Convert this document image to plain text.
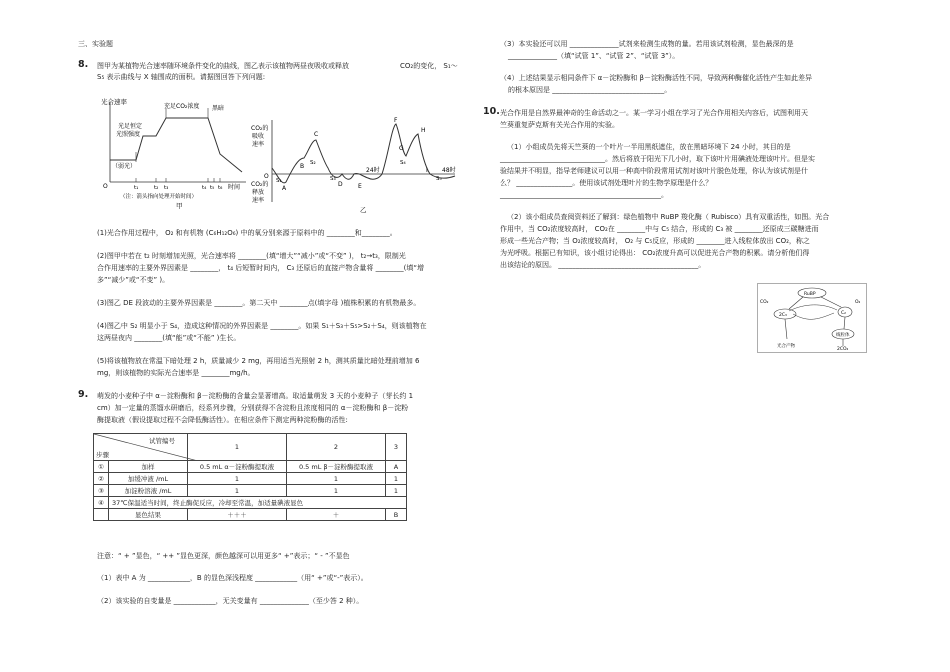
三、实验题
8. 图甲为某植物光合速率随环境条件变化的曲线，图乙表示该植物两昼夜吸收或释放	CO₂的变化， S₁～
S₅ 表示曲线与 X 轴围成的面积。请据图回答下列问题:
光合速率
光足恒定
光照强度
充足CO₂浓度 黑暗
（弱光）
O	t₁	t₂ t₃	t₄ t₅ t₆ 时间
（注：箭头指向处理开始时间）
甲
CO₂的
吸收
速率
CO₂的
释放
速率
O
A
B
C
D	E
F
G
H
I
S₁
S₂
S₃
S₄
S₅
24时	48时
乙
(1)光合作用过程中， O₂ 和有机物 (C₆H₁₂O₆) 中的氧分别来源于原料中的 ________和________。
(2)图甲中若在 t₂ 时刻增加光照，光合速率将 ________(填“增大”“减小”或“不变” )， t₂→t₃，限制光
合作用速率的主要外界因素是 ________， t₄ 后短暂时间内， C₃ 还原后的直接产物含量将 ________(填“增
多”“减少”或“不变” )。
(3)图乙 DE 段波动的主要外界因素是 ________。第二天中 ________点(填字母 )植株积累的有机物最多。
(4)图乙中 S₂ 明显小于 S₄，造成这种情况的外界因素是 ________。如果 S₁＋S₃＋S₅>S₂＋S₄，则该植物在
这两昼夜内 ________(填“能”或“不能” )生长。
(5)将该植物放在常温下暗处理 2 h，质量减少 2 mg，再用适当光照射 2 h，测其质量比暗处理前增加 6
mg，则该植物的实际光合速率是 ________mg/h。
9. 萌发的小麦种子中 α－淀粉酶和 β－淀粉酶的含量会显著增高。取适量萌发 3 天的小麦种子（芽长约 1
cm）加一定量的蒸馏水研磨后，经系列步骤，分别获得不含淀粉且浓度相同的 α－淀粉酶和 β－淀粉
酶提取液（假设提取过程不会降低酶活性）。在相应条件下测定两种淀粉酶的活性:
试管编号
步骤		1	2	3
①	加样	0.5 mL α－淀粉酶提取液	0.5 mL β－淀粉酶提取液	A
②	加缓冲液 /mL	1	1	1
③	加淀粉溶液 /mL	1	1	1
④	37℃保温适当时间，终止酶促反应，冷却至常温，加适量碘液显色			
	显色结果	＋＋＋	＋	B
注意：“ + ”显色，“ ++ ”显色更深，颜色越深可以用更多“ +”表示；“ - ”不显色
（1）表中 A 为 ____________，B 的显色深浅程度 ____________（用“ +”或“-”表示）。
（2）该实验的自变量是 ____________，无关变量有 ______________（至少答 2 种）。
（3）本实验还可以用 ______________试剂来检测生成物的量。若用该试剂检测，显色最深的是
______________（填“试管 1”、“试管 2”、“试管 3”）。
（4）上述结果显示相同条件下 α－淀粉酶和 β－淀粉酶活性不同，导致两种酶催化活性产生如此差异
的根本原因是 ________________________________。
10. 光合作用是自然界最神奇的生命活动之一。某一学习小组在学习了光合作用相关内容后，试图利用天
竺葵重复萨克斯有关光合作用的实验。
（1）小组成员先将天竺葵的一个叶片一半用黑纸遮住，放在黑暗环境下 24 小时，其目的是
______________________________。然后将放于阳光下几小时，取下该叶片用碘液处理该叶片。但是实
验结果并不明显，指导老师建议可以用一种高中阶段常用试剂对该叶片脱色处理，你认为该试剂是什
么？ ________________。使用该试剂处理叶片的生物学原理是什么？
______________________________________________。
（2）该小组成员查阅资料还了解到：绿色植物中 RuBP 羧化酶（ Rubisco）具有双重活性，如图。光合
作用中，当 CO₂浓度较高时， CO₂在 ________中与 C₅ 结合，形成的 C₃ 被 ________还原成三碳糖进而
形成一些光合产物；当 O₂浓度较高时， O₂ 与 C₅反应，形成的 ________进入线粒体放出 CO₂，称之
为光呼吸。根据已有知识，该小组讨论得出： CO₂浓度升高可以促进光合产物的积累。请分析他们得
出该结论的原因。 ________________________________________。
RuBP
CO₂	O₂
2C₃	C₂
光合产物
线粒体
2CO₂
